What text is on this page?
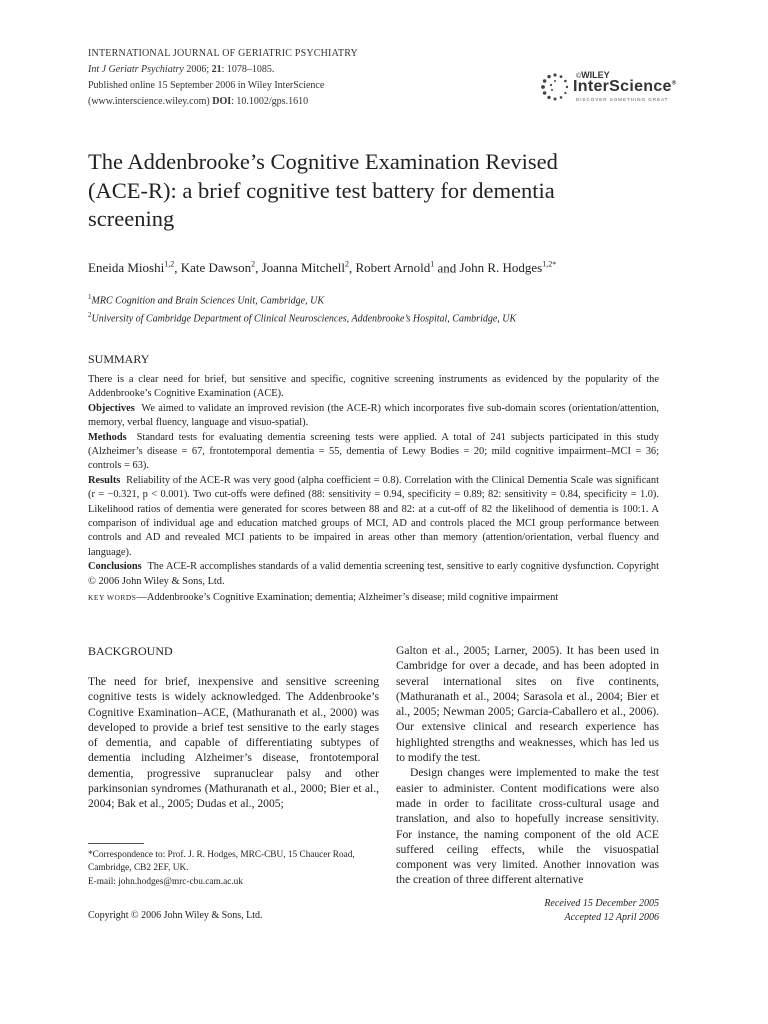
INTERNATIONAL JOURNAL OF GERIATRIC PSYCHIATRY
Int J Geriatr Psychiatry 2006; 21: 1078–1085.
Published online 15 September 2006 in Wiley InterScience
(www.interscience.wiley.com) DOI: 10.1002/gps.1610
©WILEY
InterScience®
DISCOVER SOMETHING GREAT
The Addenbrooke’s Cognitive Examination Revised (ACE-R): a brief cognitive test battery for dementia screening
Eneida Mioshi$^{1,2}$, Kate Dawson$^2$, Joanna Mitchell$^2$, Robert Arnold$^1$ and John R. Hodges$^{1,2*}$
$^1$MRC Cognition and Brain Sciences Unit, Cambridge, UK
$^2$University of Cambridge Department of Clinical Neurosciences, Addenbrooke’s Hospital, Cambridge, UK
SUMMARY

There is a clear need for brief, but sensitive and specific, cognitive screening instruments as evidenced by the popularity of the Addenbrooke’s Cognitive Examination (ACE).

Objectives We aimed to validate an improved revision (the ACE-R) which incorporates five sub-domain scores (orientation/attention, memory, verbal fluency, language and visuo-spatial).

Methods Standard tests for evaluating dementia screening tests were applied. A total of 241 subjects participated in this study (Alzheimer’s disease = 67, frontotemporal dementia = 55, dementia of Lewy Bodies = 20; mild cognitive impairment–MCI = 36; controls = 63).

Results Reliability of the ACE-R was very good (alpha coefficient = 0.8). Correlation with the Clinical Dementia Scale was significant (r = −0.321, p < 0.001). Two cut-offs were defined (88: sensitivity = 0.94, specificity = 0.89; 82: sensitivity = 0.84, specificity = 1.0). Likelihood ratios of dementia were generated for scores between 88 and 82: at a cut-off of 82 the likelihood of dementia is 100:1. A comparison of individual age and education matched groups of MCI, AD and controls placed the MCI group performance between controls and AD and revealed MCI patients to be impaired in areas other than memory (attention/orientation, verbal fluency and language).

Conclusions The ACE-R accomplishes standards of a valid dementia screening test, sensitive to early cognitive dysfunction. Copyright © 2006 John Wiley & Sons, Ltd.

KEY WORDS—Addenbrooke’s Cognitive Examination; dementia; Alzheimer’s disease; mild cognitive impairment
BACKGROUND

The need for brief, inexpensive and sensitive screening cognitive tests is widely acknowledged. The Addenbrooke’s Cognitive Examination–ACE, (Mathuranath et al., 2000) was developed to provide a brief test sensitive to the early stages of dementia, and capable of differentiating subtypes of dementia including Alzheimer’s disease, frontotemporal dementia, progressive supranuclear palsy and other parkinsonian syndromes (Mathuranath et al., 2000; Bier et al., 2004; Bak et al., 2005; Dudas et al., 2005;

Galton et al., 2005; Larner, 2005). It has been used in Cambridge for over a decade, and has been adopted in several international sites on five continents, (Mathuranath et al., 2004; Sarasola et al., 2004; Bier et al., 2005; Newman 2005; Garcia-Caballero et al., 2006). Our extensive clinical and research experience has highlighted strengths and weaknesses, which has led us to modify the test.

Design changes were implemented to make the test easier to administer. Content modifications were also made in order to facilitate cross-cultural usage and translation, and also to hopefully increase sensitivity. For instance, the naming component of the old ACE suffered ceiling effects, while the visuospatial component was very limited. Another innovation was the creation of three different alternative

*Correspondence to: Prof. J. R. Hodges, MRC-CBU, 15 Chaucer Road, Cambridge, CB2 2EF, UK.

E-mail: john.hodges@mrc-cbu.cam.ac.uk

Copyright © 2006 John Wiley & Sons, Ltd.
Received 15 December 2005
Accepted 12 April 2006
